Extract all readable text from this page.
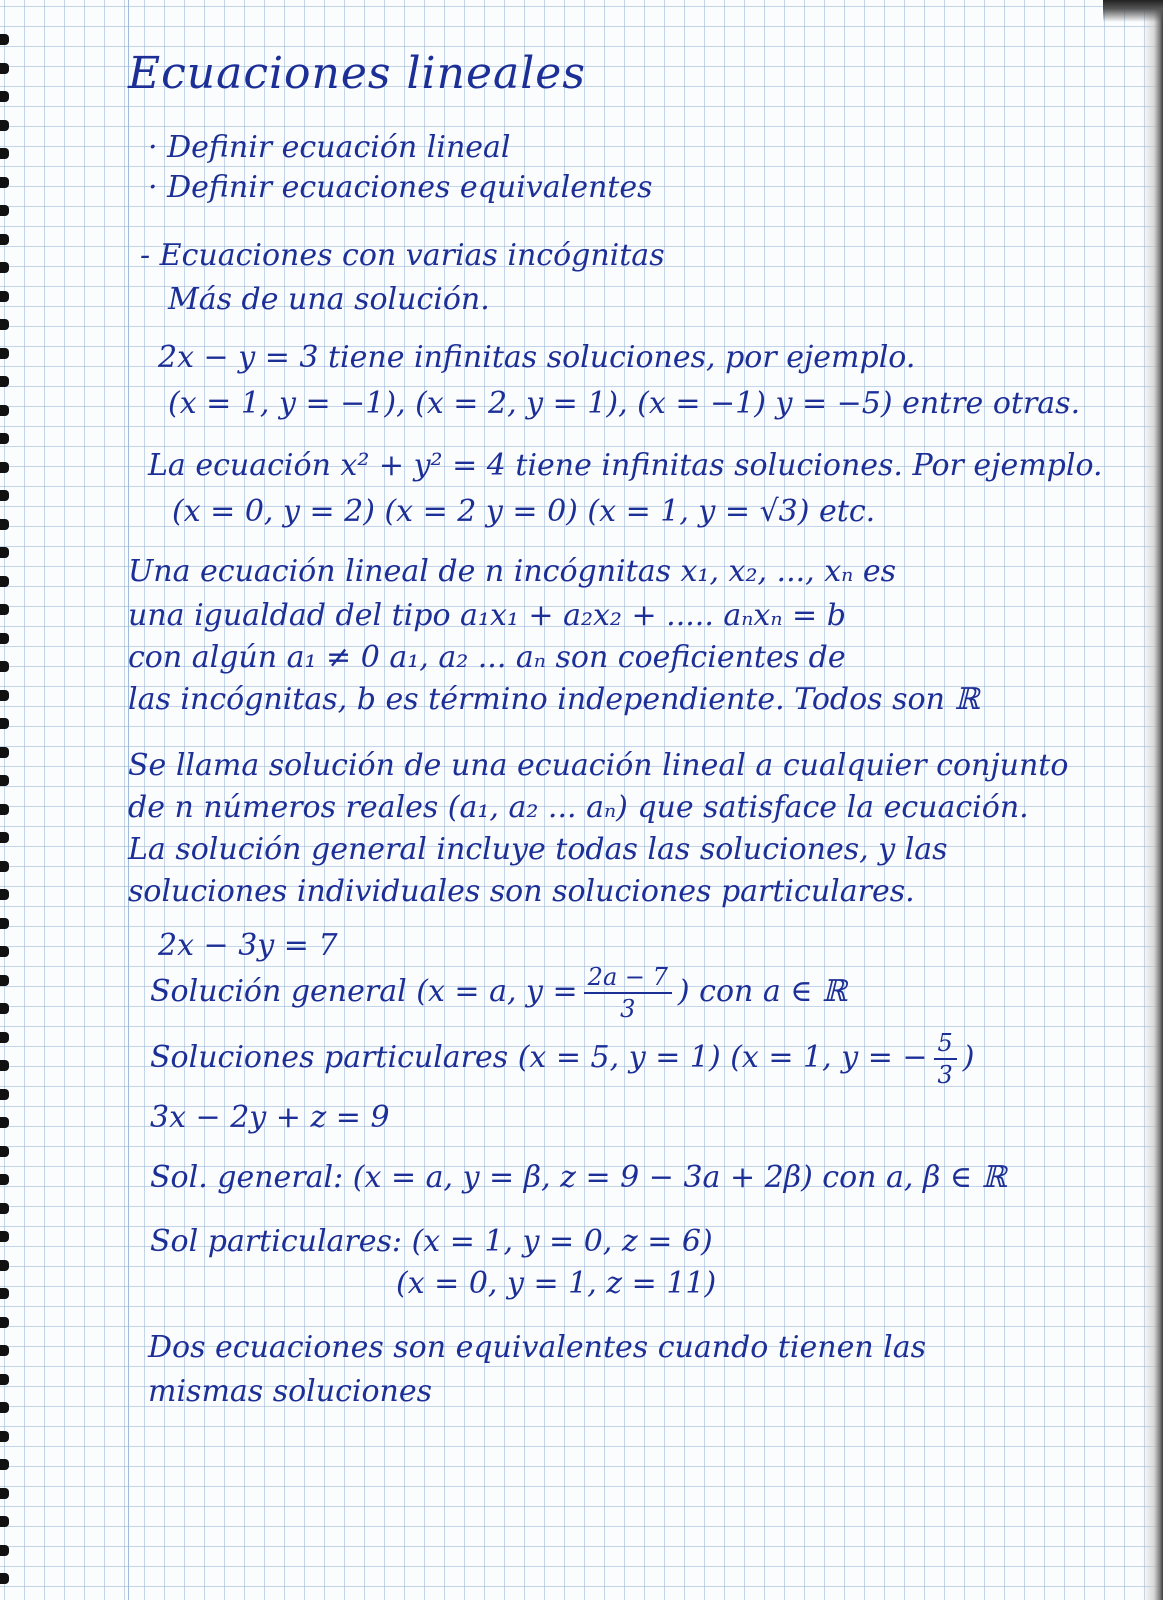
Ecuaciones lineales
· Definir ecuación lineal
· Definir ecuaciones equivalentes
- Ecuaciones con varias incógnitas
Más de una solución.
2x − y = 3 tiene infinitas soluciones, por ejemplo.
(x = 1, y = −1), (x = 2, y = 1), (x = −1) y = −5) entre otras.
La ecuación x² + y² = 4 tiene infinitas soluciones. Por ejemplo.
(x = 0, y = 2) (x = 2 y = 0) (x = 1, y = √3) etc.
Una ecuación lineal de n incógnitas x₁, x₂, ..., xₙ es
una igualdad del tipo a₁x₁ + a₂x₂ + ..... aₙxₙ = b
con algún a₁ ≠ 0 a₁, a₂ ... aₙ son coeficientes de
las incógnitas, b es término independiente. Todos son ℝ
Se llama solución de una ecuación lineal a cualquier conjunto
de n números reales (a₁, a₂ ... aₙ) que satisface la ecuación.
La solución general incluye todas las soluciones, y las
soluciones individuales son soluciones particulares.
2x − 3y = 7
Solución general (x = a, $y = \frac{2a - 7}{3}$ ) con a ∈ ℝ
Soluciones particulares (x = 5, y = 1) (x = 1, y = − $\frac{5}{3}$ )
3x − 2y + z = 9
Sol. general: (x = a, y = β, z = 9 − 3a + 2β) con a, β ∈ ℝ
Sol particulares: (x = 1, y = 0, z = 6)
(x = 0, y = 1, z = 11)
Dos ecuaciones son equivalentes cuando tienen las
mismas soluciones
